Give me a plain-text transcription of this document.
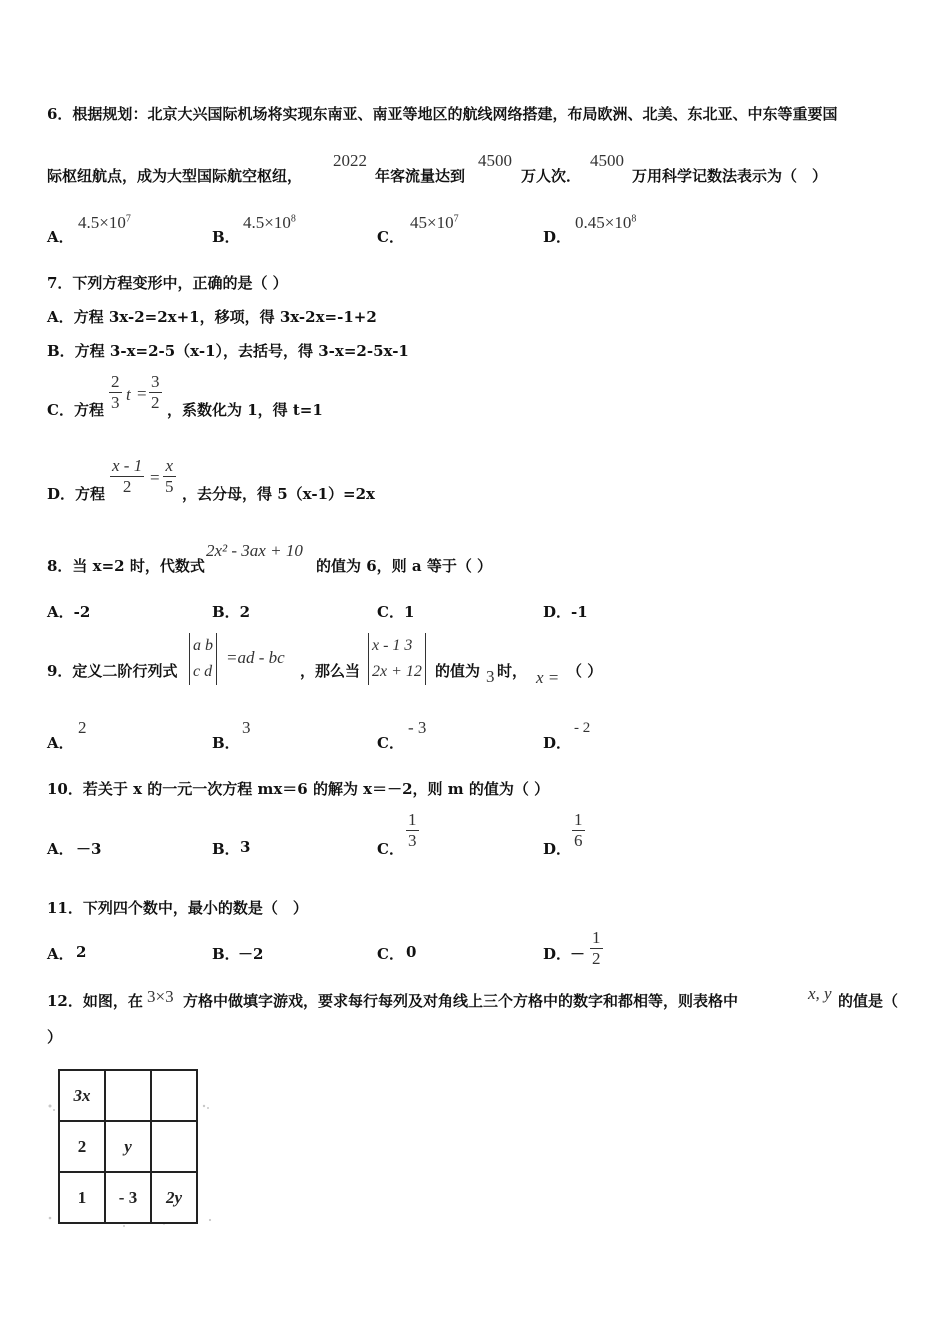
6．根据规划：北京大兴国际机场将实现东南亚、南亚等地区的航线网络搭建，布局欧洲、北美、东北亚、中东等重要国
际枢纽航点，成为大型国际航空枢纽，
2022
年客流量达到
4500
万人次．
4500
万用科学记数法表示为（　）
A．
$4.5\times 10^7$
B．
$4.5\times 10^8$
C．
$45\times 10^7$
D．
$0.45\times 10^8$
7．下列方程变形中，正确的是（ ）
A．方程 3x-2=2x+1，移项，得 3x-2x=-1+2
B．方程 3-x=2-5（x-1），去括号，得 3-x=2-5x-1
C．方程
2
3 t =
3
2 ，系数化为 1，得 t=1
D．方程
x - 1
2	=
x
5 ，去分母，得 5（x-1）=2x
8．当 x=2 时，代数式
2x² - 3ax + 10
的值为 6，则 a 等于（ ）
A．-2	B．2	C．1	D．-1
9．定义二阶行列式
a b
c d
=ad - bc
，那么当
x - 1 3
2x + 12 的值为 3 时， x = （ ）
A．
2
B．
3
C．
- 3
D．
- 2
10．若关于 x 的一元一次方程 mx＝6 的解为 x＝－2，则 m 的值为（ ）
A． －3	B． 3	C．
1
3	D．
1
6
11．下列四个数中，最小的数是（　）
A． 2	B．
－2	C． 0	D．
－
1
2
12．如图，在 3×3 方格中做填字游戏，要求每行每列及对角线上三个方格中的数字和都相等，则表格中	x, y 的值是（
）
3x		
2	y	
1	- 3	2y
